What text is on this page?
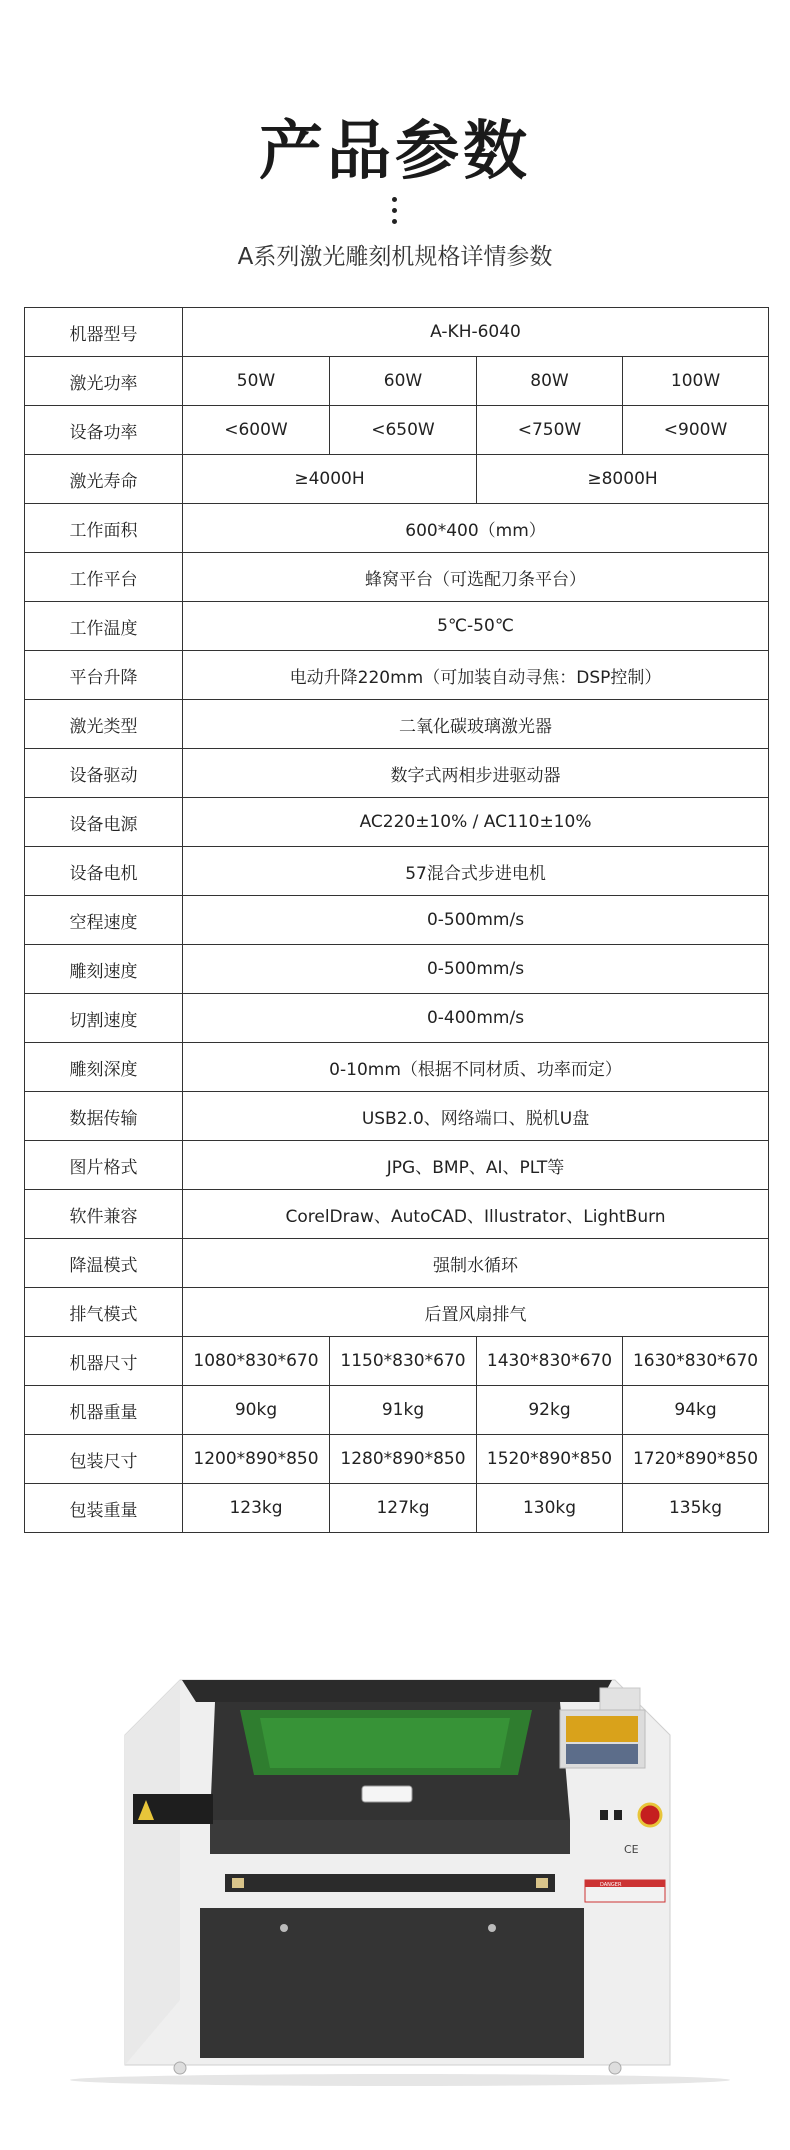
产品参数
A系列激光雕刻机规格详情参数
机器型号	A-KH-6040			
激光功率	50W	60W	80W	100W
设备功率	<600W	<650W	<750W	<900W
激光寿命	≥4000H		≥8000H	
工作面积	600*400（mm）			
工作平台	蜂窝平台（可选配刀条平台）			
工作温度	5℃-50℃			
平台升降	电动升降220mm（可加装自动寻焦：DSP控制）			
激光类型	二氧化碳玻璃激光器			
设备驱动	数字式两相步进驱动器			
设备电源	AC220±10% / AC110±10%			
设备电机	57混合式步进电机			
空程速度	0-500mm/s			
雕刻速度	0-500mm/s			
切割速度	0-400mm/s			
雕刻深度	0-10mm（根据不同材质、功率而定）			
数据传输	USB2.0、网络端口、脱机U盘			
图片格式	JPG、BMP、AI、PLT等			
软件兼容	CorelDraw、AutoCAD、Illustrator、LightBurn			
降温模式	强制水循环			
排气模式	后置风扇排气			
机器尺寸	1080*830*670	1150*830*670	1430*830*670	1630*830*670
机器重量	90kg	91kg	92kg	94kg
包装尺寸	1200*890*850	1280*890*850	1520*890*850	1720*890*850
包装重量	123kg	127kg	130kg	135kg
CE
DANGER
